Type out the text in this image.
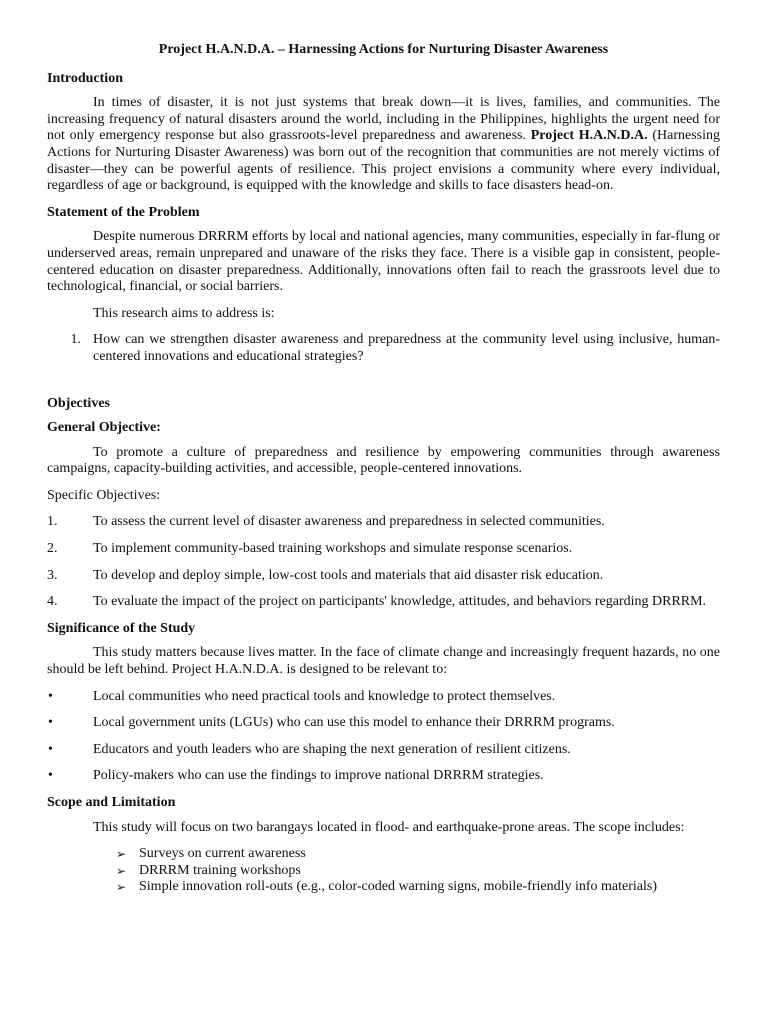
Project H.A.N.D.A. – Harnessing Actions for Nurturing Disaster Awareness
Introduction

In times of disaster, it is not just systems that break down—it is lives, families, and communities. The increasing frequency of natural disasters around the world, including in the Philippines, highlights the urgent need for not only emergency response but also grassroots-level preparedness and awareness. Project H.A.N.D.A. (Harnessing Actions for Nurturing Disaster Awareness) was born out of the recognition that communities are not merely victims of disaster—they can be powerful agents of resilience. This project envisions a community where every individual, regardless of age or background, is equipped with the knowledge and skills to face disasters head-on.

Statement of the Problem

Despite numerous DRRRM efforts by local and national agencies, many communities, especially in far-flung or underserved areas, remain unprepared and unaware of the risks they face. There is a visible gap in consistent, people-centered education on disaster preparedness. Additionally, innovations often fail to reach the grassroots level due to technological, financial, or social barriers.

This research aims to address is:

1. How can we strengthen disaster awareness and preparedness at the community level using inclusive, human-centered innovations and educational strategies?
Objectives
General Objective:

To promote a culture of preparedness and resilience by empowering communities through awareness campaigns, capacity-building activities, and accessible, people-centered innovations.

Specific Objectives:

1.	To assess the current level of disaster awareness and preparedness in selected communities.
2.	To implement community-based training workshops and simulate response scenarios.
3.	To develop and deploy simple, low-cost tools and materials that aid disaster risk education.
4.	To evaluate the impact of the project on participants' knowledge, attitudes, and behaviors regarding DRRRM.
Significance of the Study

This study matters because lives matter. In the face of climate change and increasingly frequent hazards, no one should be left behind. Project H.A.N.D.A. is designed to be relevant to:

•	Local communities who need practical tools and knowledge to protect themselves.
•	Local government units (LGUs) who can use this model to enhance their DRRRM programs.
•	Educators and youth leaders who are shaping the next generation of resilient citizens.
•	Policy-makers who can use the findings to improve national DRRRM strategies.
Scope and Limitation

This study will focus on two barangays located in flood- and earthquake-prone areas. The scope includes:

➢ Surveys on current awareness
➢ DRRRM training workshops
➢ Simple innovation roll-outs (e.g., color-coded warning signs, mobile-friendly info materials)
